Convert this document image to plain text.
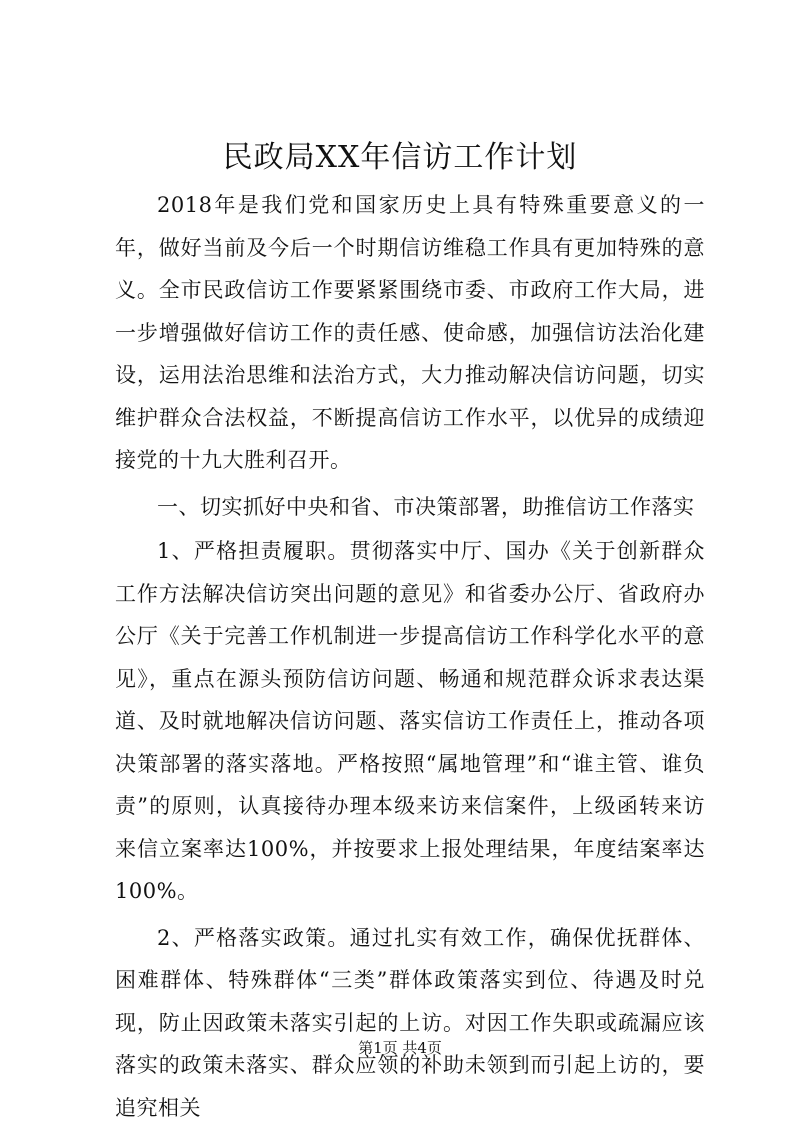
民政局XX年信访工作计划

2018年是我们党和国家历史上具有特殊重要意义的一年，做好当前及今后一个时期信访维稳工作具有更加特殊的意义。全市民政信访工作要紧紧围绕市委、市政府工作大局，进一步增强做好信访工作的责任感、使命感，加强信访法治化建设，运用法治思维和法治方式，大力推动解决信访问题，切实维护群众合法权益，不断提高信访工作水平，以优异的成绩迎接党的十九大胜利召开。

一、切实抓好中央和省、市决策部署，助推信访工作落实

1、严格担责履职。贯彻落实中厅、国办《关于创新群众工作方法解决信访突出问题的意见》和省委办公厅、省政府办公厅《关于完善工作机制进一步提高信访工作科学化水平的意见》，重点在源头预防信访问题、畅通和规范群众诉求表达渠道、及时就地解决信访问题、落实信访工作责任上，推动各项决策部署的落实落地。严格按照“属地管理”和“谁主管、谁负责”的原则，认真接待办理本级来访来信案件，上级函转来访来信立案率达100%，并按要求上报处理结果，年度结案率达100%。

2、严格落实政策。通过扎实有效工作，确保优抚群体、困难群体、特殊群体“三类”群体政策落实到位、待遇及时兑现，防止因政策未落实引起的上访。对因工作失职或疏漏应该落实的政策未落实、群众应领的补助未领到而引起上访的，要追究相关

第1页 共4页
